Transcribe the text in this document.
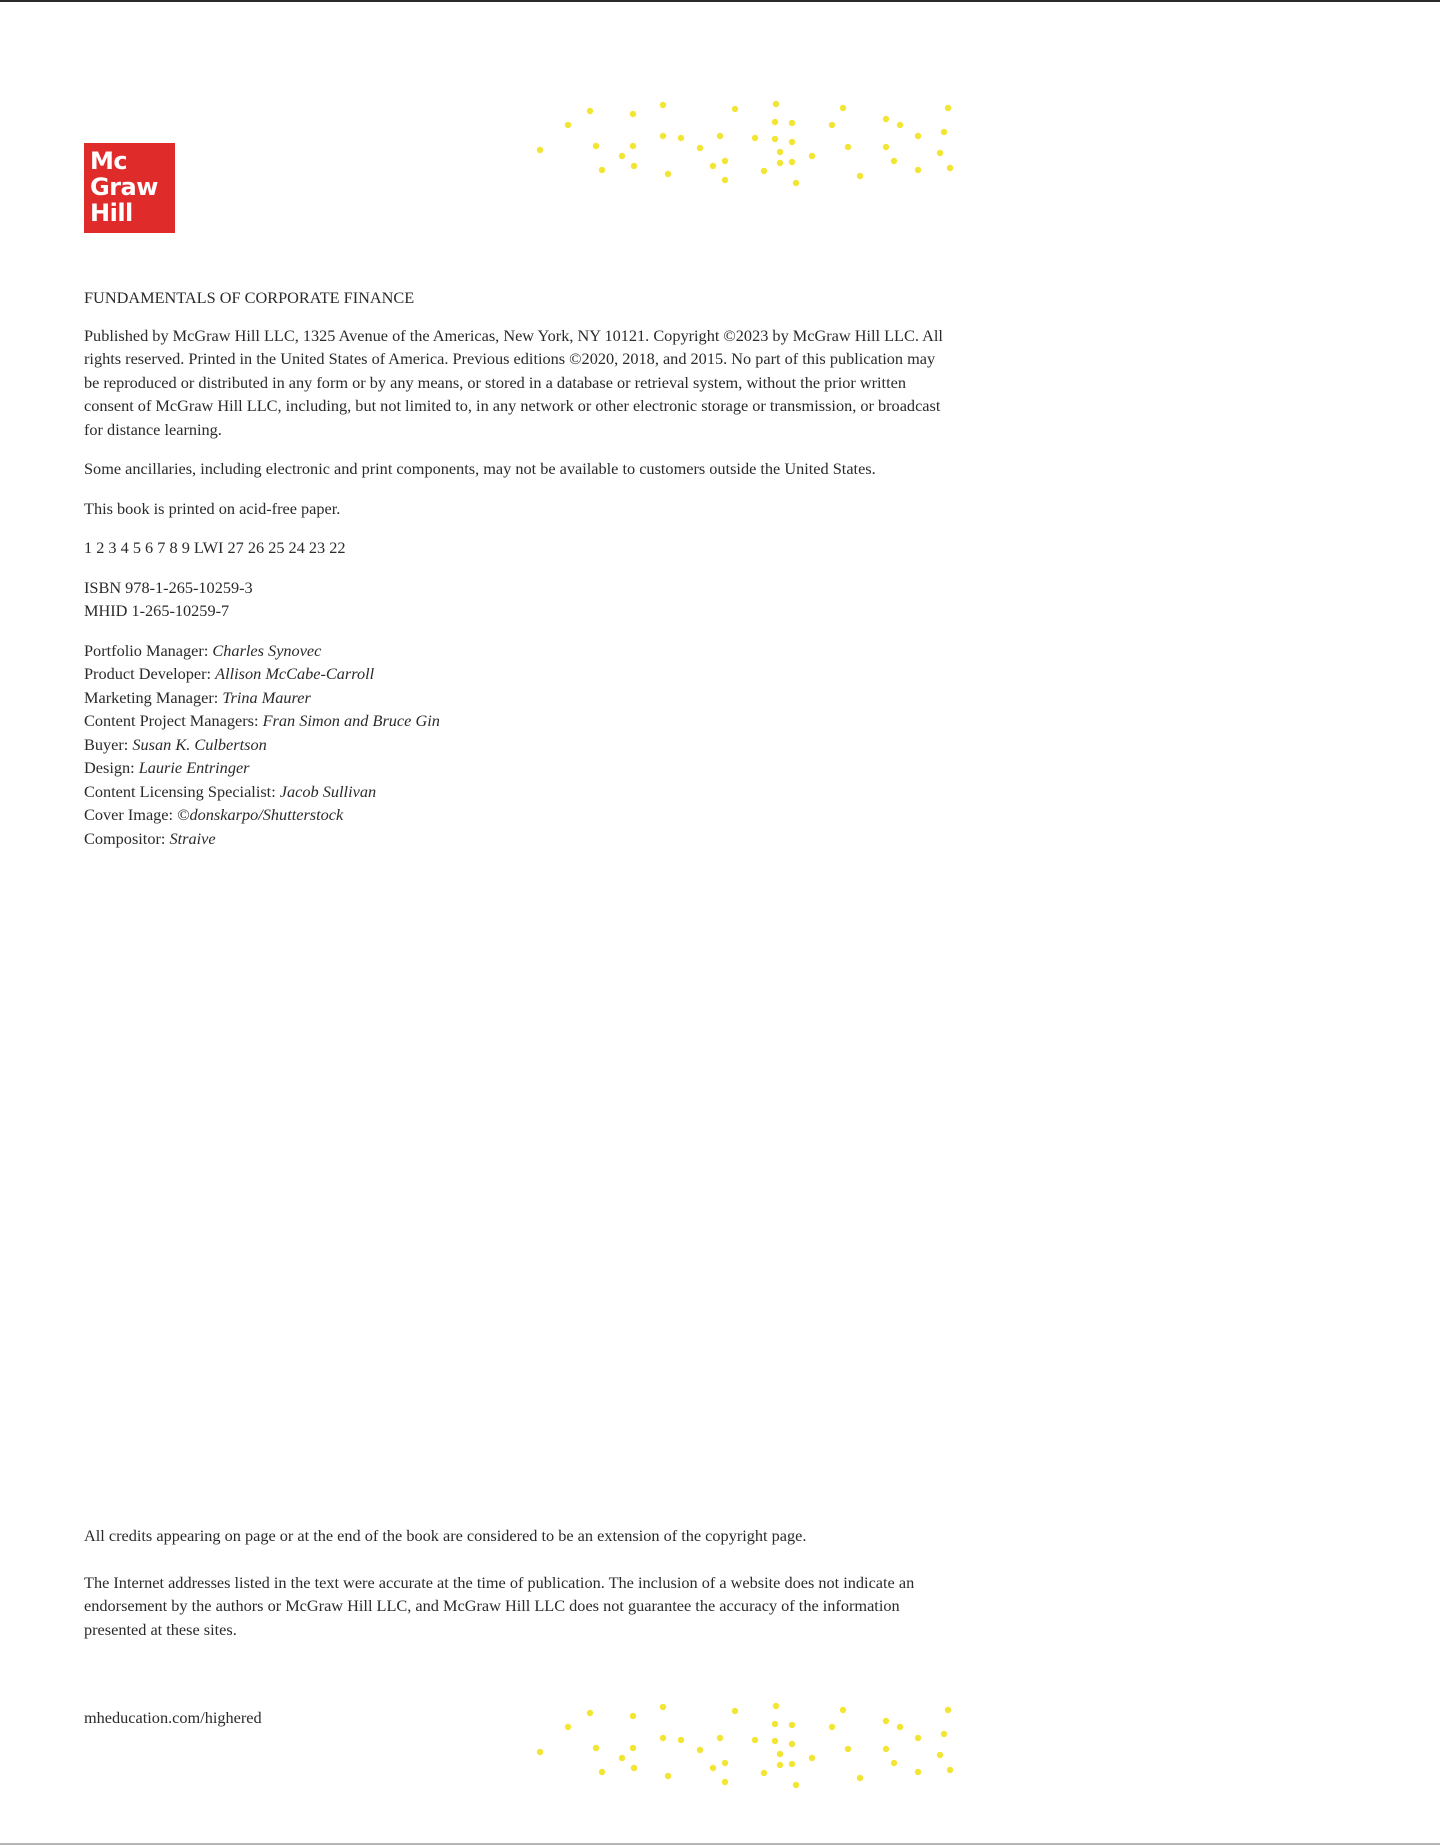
Mc
Graw
Hill

FUNDAMENTALS OF CORPORATE FINANCE

Published by McGraw Hill LLC, 1325 Avenue of the Americas, New York, NY 10121. Copyright ©2023 by McGraw Hill LLC. All rights reserved. Printed in the United States of America. Previous editions ©2020, 2018, and 2015. No part of this publication may be reproduced or distributed in any form or by any means, or stored in a database or retrieval system, without the prior written consent of McGraw Hill LLC, including, but not limited to, in any network or other electronic storage or transmission, or broadcast for distance learning.

Some ancillaries, including electronic and print components, may not be available to customers outside the United States.

This book is printed on acid-free paper.

1 2 3 4 5 6 7 8 9 LWI 27 26 25 24 23 22

ISBN 978-1-265-10259-3
MHID 1-265-10259-7

Portfolio Manager: Charles Synovec

Product Developer: Allison McCabe-Carroll

Marketing Manager: Trina Maurer

Content Project Managers: Fran Simon and Bruce Gin

Buyer: Susan K. Culbertson

Design: Laurie Entringer

Content Licensing Specialist: Jacob Sullivan

Cover Image: ©donskarpo/Shutterstock

Compositor: Straive

All credits appearing on page or at the end of the book are considered to be an extension of the copyright page.

The Internet addresses listed in the text were accurate at the time of publication. The inclusion of a website does not indicate an endorsement by the authors or McGraw Hill LLC, and McGraw Hill LLC does not guarantee the accuracy of the information presented at these sites.

mheducation.com/highered
